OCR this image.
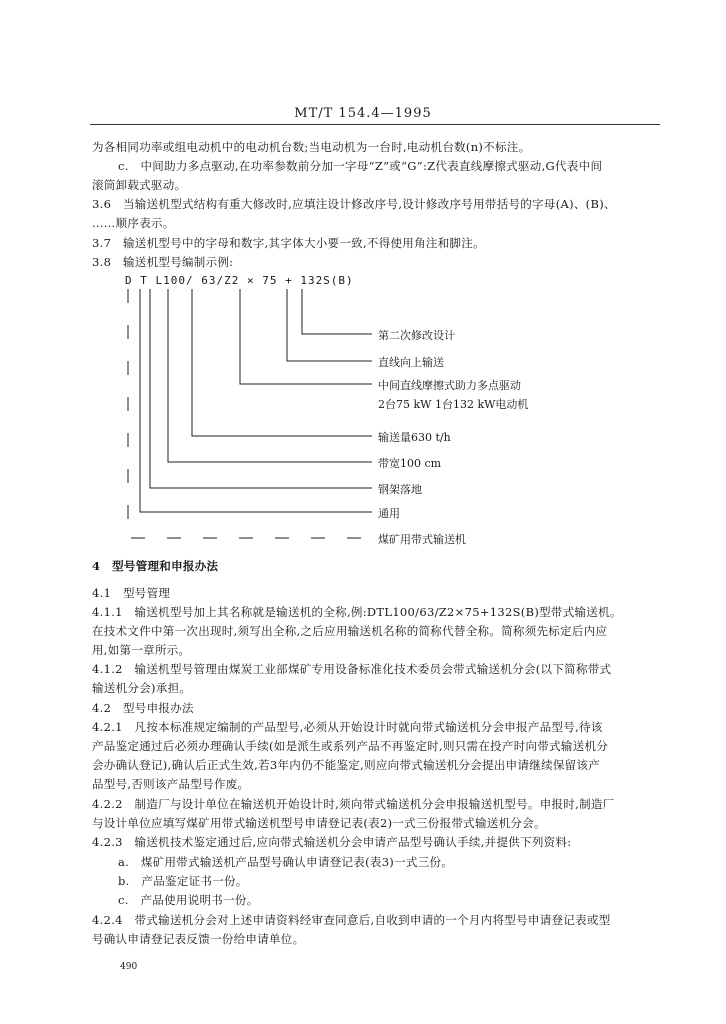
MT/T 154.4—1995
为各相同功率或组电动机中的电动机台数;当电动机为一台时,电动机台数(n)不标注。
c.　中间助力多点驱动,在功率参数前分加一字母“Z”或“G”:Z代表直线摩擦式驱动,G代表中间
滚筒卸载式驱动。
3.6　当输送机型式结构有重大修改时,应填注设计修改序号,设计修改序号用带括号的字母(A)、(B)、
……顺序表示。
3.7　输送机型号中的字母和数字,其字体大小要一致,不得使用角注和脚注。
3.8　输送机型号编制示例:
D T L100/ 63/Z2 × 75 + 132S(B)
第二次修改设计
直线向上输送
中间直线摩擦式助力多点驱动
2台75 kW 1台132 kW电动机
输送量630 t/h
带宽100 cm
钢架落地
通用
煤矿用带式输送机
4　型号管理和申报办法
4.1　型号管理
4.1.1　输送机型号加上其名称就是输送机的全称,例:DTL100/63/Z2×75+132S(B)型带式输送机。
在技术文件中第一次出现时,须写出全称,之后应用输送机名称的简称代替全称。简称须先标定后内应
用,如第一章所示。
4.1.2　输送机型号管理由煤炭工业部煤矿专用设备标准化技术委员会带式输送机分会(以下简称带式
输送机分会)承担。
4.2　型号申报办法
4.2.1　凡按本标准规定编制的产品型号,必须从开始设计时就向带式输送机分会申报产品型号,待该
产品鉴定通过后必须办理确认手续(如是派生或系列产品不再鉴定时,则只需在投产时向带式输送机分
会办确认登记),确认后正式生效,若3年内仍不能鉴定,则应向带式输送机分会提出申请继续保留该产
品型号,否则该产品型号作废。
4.2.2　制造厂与设计单位在输送机开始设计时,须向带式输送机分会申报输送机型号。申报时,制造厂
与设计单位应填写煤矿用带式输送机型号申请登记表(表2)一式三份报带式输送机分会。
4.2.3　输送机技术鉴定通过后,应向带式输送机分会申请产品型号确认手续,并提供下列资料:
a.　煤矿用带式输送机产品型号确认申请登记表(表3)一式三份。
b.　产品鉴定证书一份。
c.　产品使用说明书一份。
4.2.4　带式输送机分会对上述申请资料经审查同意后,自收到申请的一个月内将型号申请登记表或型
号确认申请登记表反馈一份给申请单位。
490
